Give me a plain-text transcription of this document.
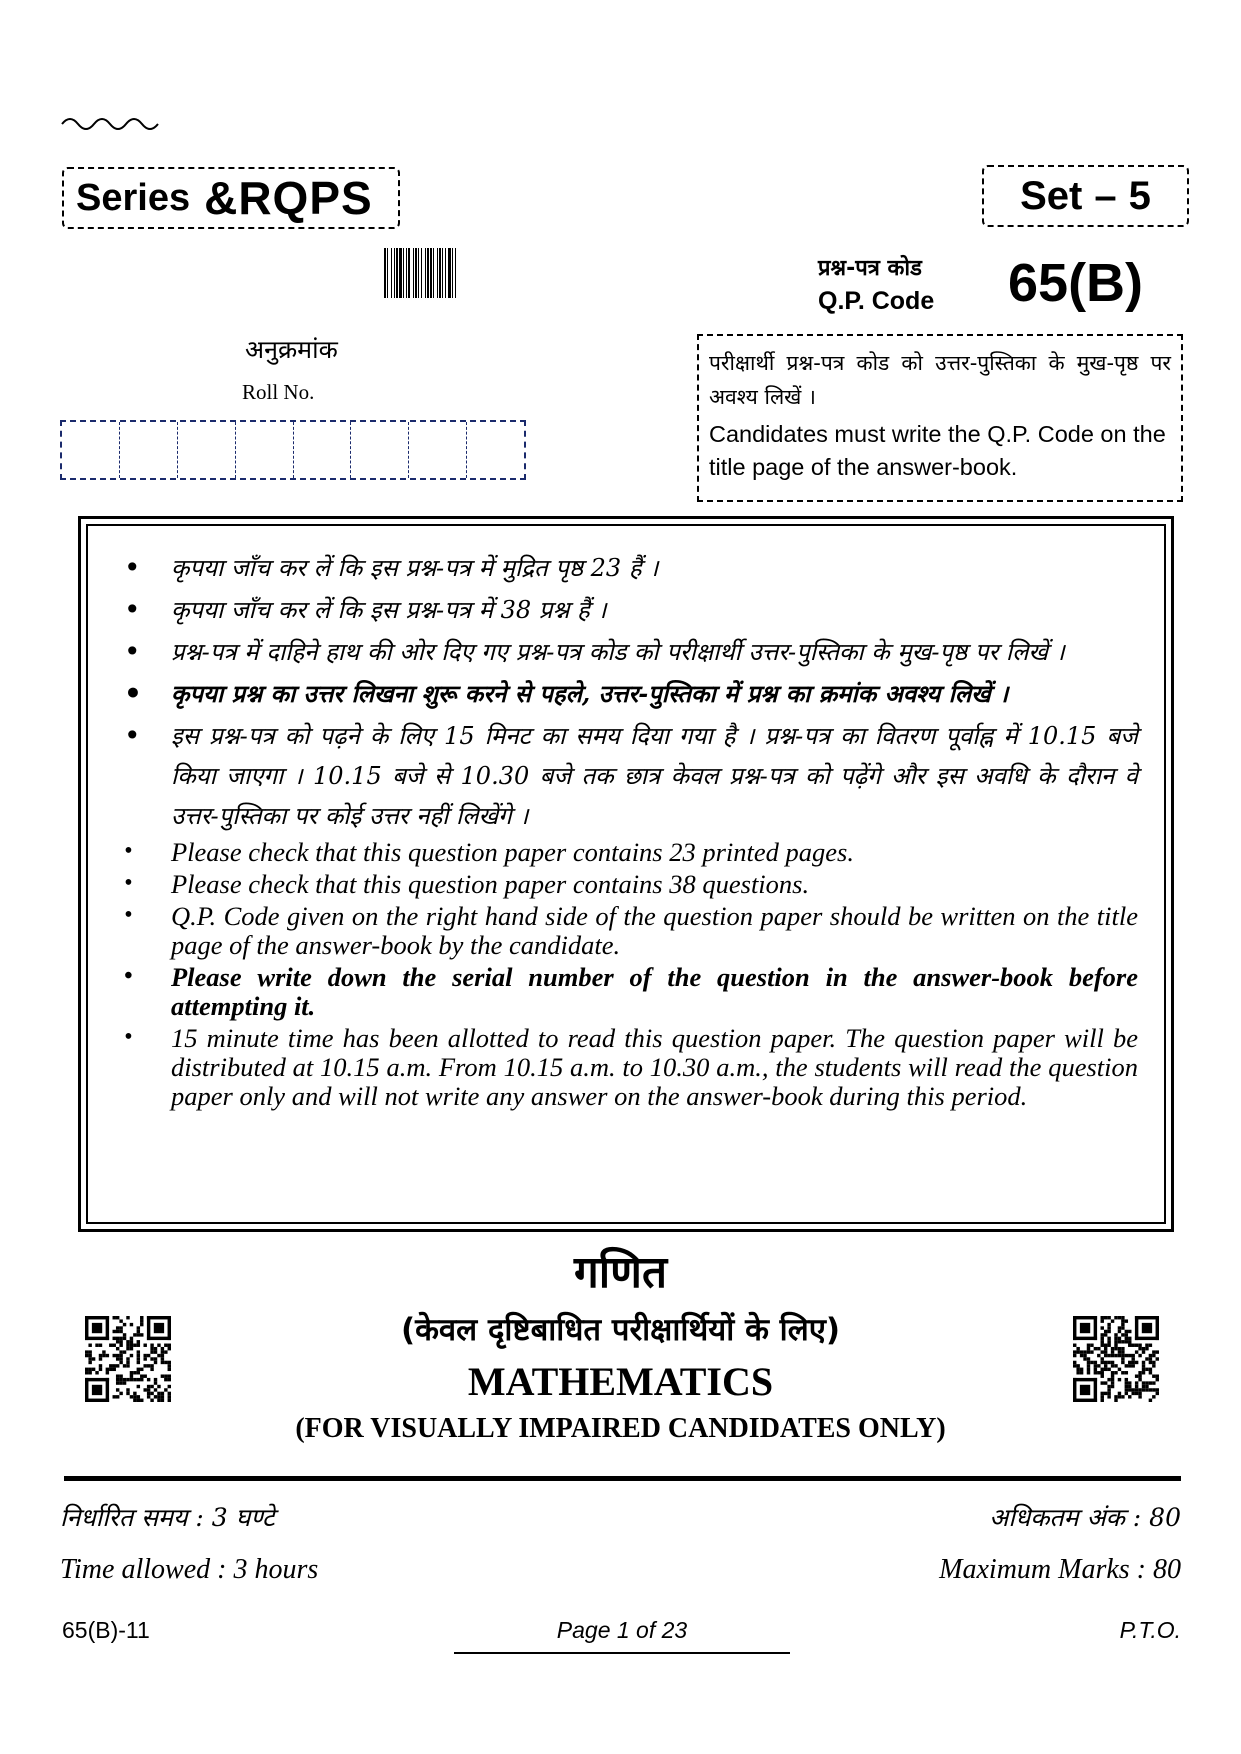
Series &RQPS	Set – 5
प्रश्न-पत्र कोड
Q.P. Code 65(B)
अनुक्रमांक
Roll No.
परीक्षार्थी प्रश्न-पत्र कोड को उत्तर-पुस्तिका के मुख-पृष्ठ पर अवश्य लिखें ।
Candidates must write the Q.P. Code on the title page of the answer-book.
• कृपया जाँच कर लें कि इस प्रश्न-पत्र में मुद्रित पृष्ठ 23 हैं ।
• कृपया जाँच कर लें कि इस प्रश्न-पत्र में 38 प्रश्न हैं ।
• प्रश्न-पत्र में दाहिने हाथ की ओर दिए गए प्रश्न-पत्र कोड को परीक्षार्थी उत्तर-पुस्तिका के मुख-पृष्ठ पर लिखें ।
• कृपया प्रश्न का उत्तर लिखना शुरू करने से पहले, उत्तर-पुस्तिका में प्रश्न का क्रमांक अवश्य लिखें ।
• इस प्रश्न-पत्र को पढ़ने के लिए 15 मिनट का समय दिया गया है । प्रश्न-पत्र का वितरण पूर्वाह्न में 10.15 बजे किया जाएगा । 10.15 बजे से 10.30 बजे तक छात्र केवल प्रश्न-पत्र को पढ़ेंगे और इस अवधि के दौरान वे उत्तर-पुस्तिका पर कोई उत्तर नहीं लिखेंगे ।
• Please check that this question paper contains 23 printed pages.
• Please check that this question paper contains 38 questions.
• Q.P. Code given on the right hand side of the question paper should be written on the title page of the answer-book by the candidate.
• Please write down the serial number of the question in the answer-book before attempting it.
• 15 minute time has been allotted to read this question paper. The question paper will be distributed at 10.15 a.m. From 10.15 a.m. to 10.30 a.m., the students will read the question paper only and will not write any answer on the answer-book during this period.
गणित
(केवल दृष्टिबाधित परीक्षार्थियों के लिए)
MATHEMATICS
(FOR VISUALLY IMPAIRED CANDIDATES ONLY)
निर्धारित समय : 3 घण्टे	अधिकतम अंक : 80
Time allowed : 3 hours	Maximum Marks : 80
65(B)-11	Page 1 of 23	P.T.O.
